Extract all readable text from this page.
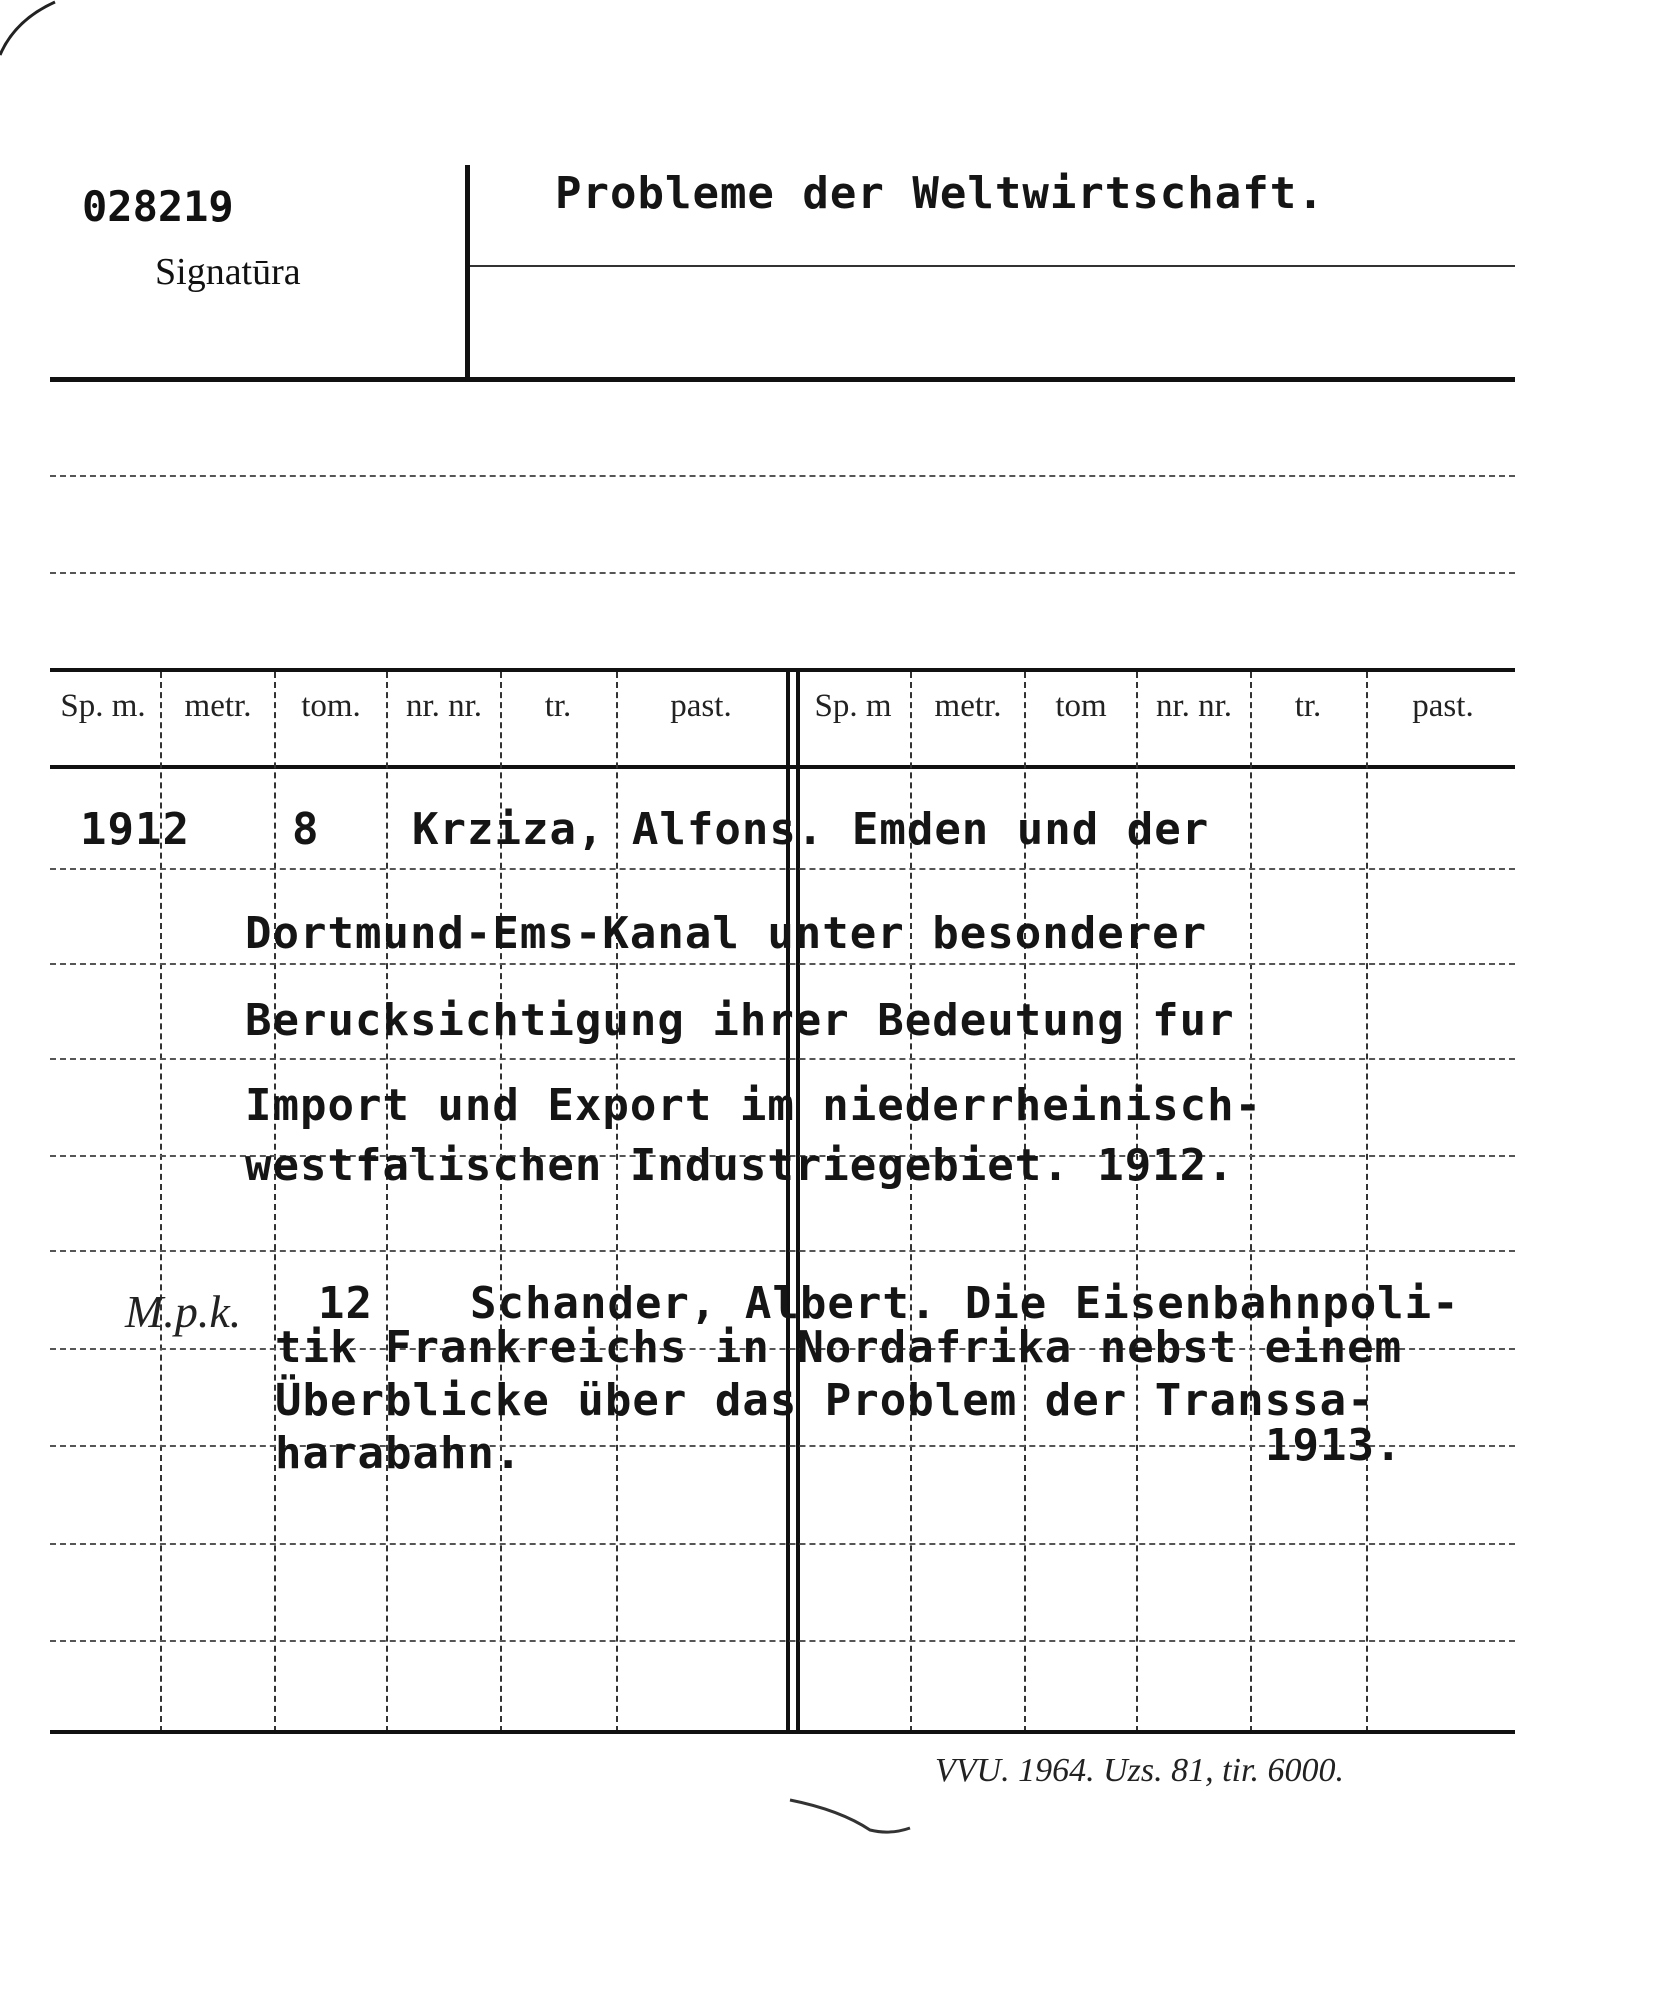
028219
Signatūra
Probleme der Weltwirtschaft.
Sp. m.	metr.	tom.	nr. nr.	tr.	past.	Sp. m	metr.	tom	nr. nr.	tr.	past.
1912 8 Krziza, Alfons. Emden und der
Dortmund-Ems-Kanal unter besonderer
Berucksichtigung ihrer Bedeutung fur
Import und Export im niederrheinisch-
westfalischen Industriegebiet. 1912.
M.p.k. 12 Schander, Albert. Die Eisenbahnpoli-
tik Frankreichs in Nordafrika nebst einem
Überblicke über das Problem der Transsa-
harabahn.	1913.
VVU. 1964. Uzs. 81, tir. 6000.
